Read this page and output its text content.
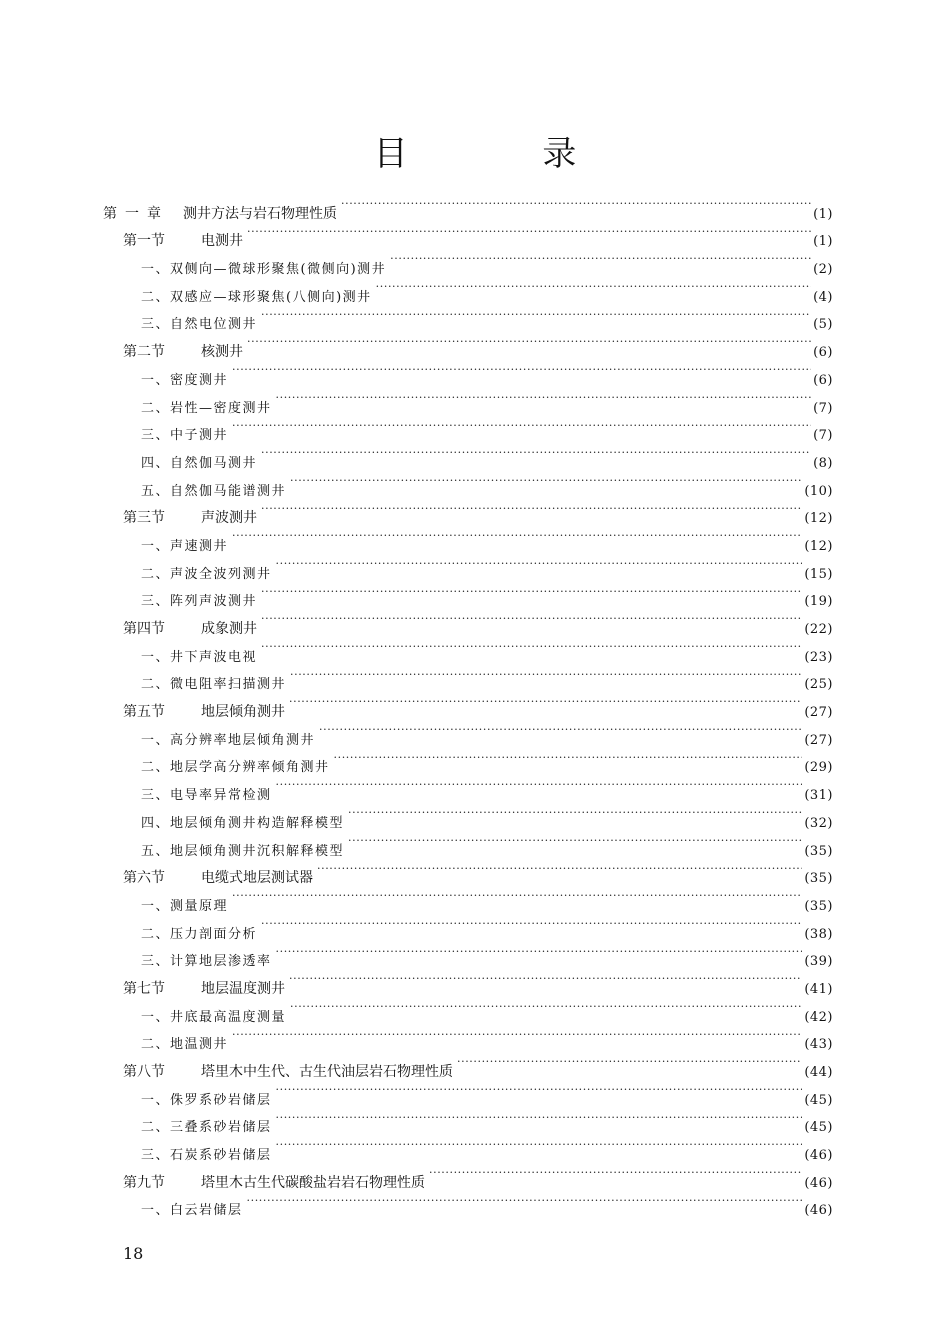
目 录
第一章	测井方法与岩石物理性质 ·····	(1)
第一节	电测井 ·····	(1)
一、双侧向—微球形聚焦(微侧向)测井 ·····	(2)
二、双感应—球形聚焦(八侧向)测井 ·····	(4)
三、自然电位测井 ·····	(5)
第二节	核测井 ·····	(6)
一、密度测井 ·····	(6)
二、岩性—密度测井 ·····	(7)
三、中子测井 ·····	(7)
四、自然伽马测井 ·····	(8)
五、自然伽马能谱测井 ·····	(10)
第三节	声波测井 ·····	(12)
一、声速测井 ·····	(12)
二、声波全波列测井 ·····	(15)
三、阵列声波测井 ·····	(19)
第四节	成象测井 ·····	(22)
一、井下声波电视 ·····	(23)
二、微电阻率扫描测井 ·····	(25)
第五节	地层倾角测井 ·····	(27)
一、高分辨率地层倾角测井 ·····	(27)
二、地层学高分辨率倾角测井 ·····	(29)
三、电导率异常检测 ·····	(31)
四、地层倾角测井构造解释模型 ·····	(32)
五、地层倾角测井沉积解释模型 ·····	(35)
第六节	电缆式地层测试器 ·····	(35)
一、测量原理 ·····	(35)
二、压力剖面分析 ·····	(38)
三、计算地层渗透率 ·····	(39)
第七节	地层温度测井 ·····	(41)
一、井底最高温度测量 ·····	(42)
二、地温测井 ·····	(43)
第八节	塔里木中生代、古生代油层岩石物理性质 ·····	(44)
一、侏罗系砂岩储层 ·····	(45)
二、三叠系砂岩储层 ·····	(45)
三、石炭系砂岩储层 ·····	(46)
第九节	塔里木古生代碳酸盐岩岩石物理性质 ·····	(46)
一、白云岩储层 ·····	(46)
18
